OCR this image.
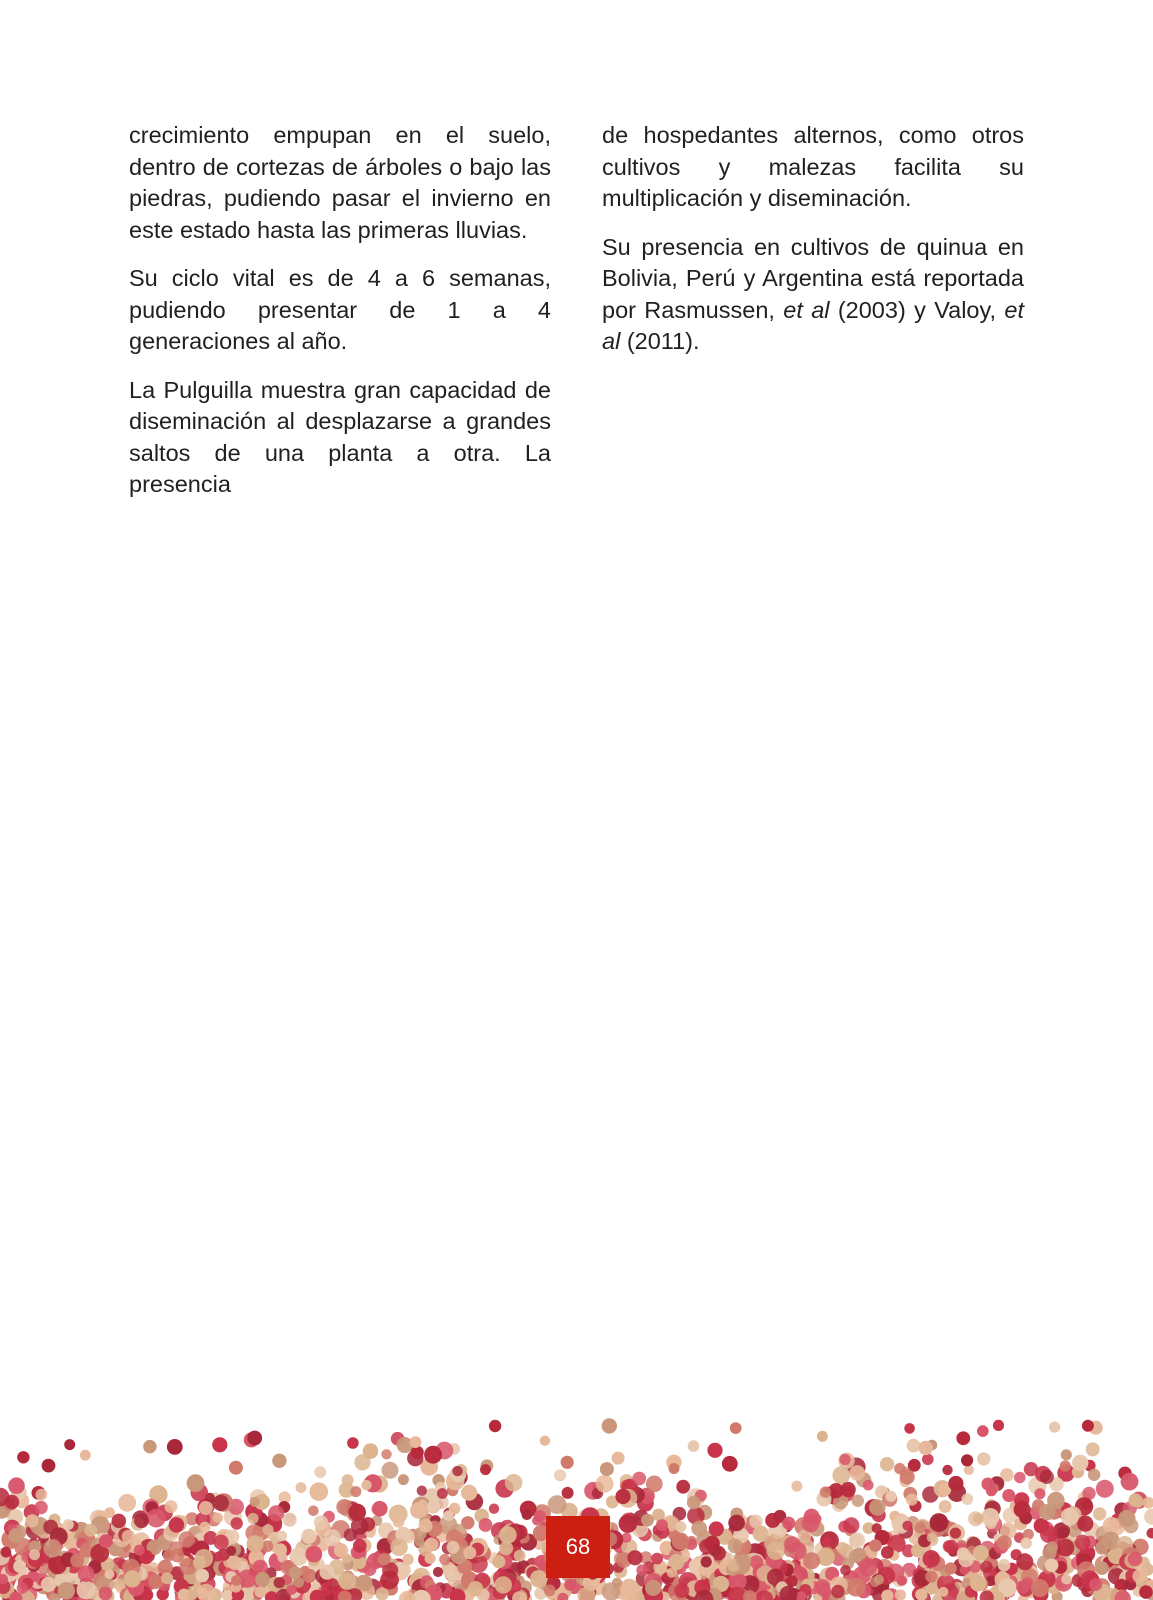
crecimiento empupan en el suelo, dentro de cortezas de árboles o bajo las piedras, pudiendo pasar el invierno en este estado hasta las primeras lluvias.

Su ciclo vital es de 4 a 6 semanas, pudiendo presentar de 1 a 4 generaciones al año.

La Pulguilla muestra gran capacidad de diseminación al desplazarse a grandes saltos de una planta a otra. La presencia

de hospedantes alternos, como otros cultivos y malezas facilita su multiplicación y diseminación.

Su presencia en cultivos de quinua en Bolivia, Perú y Argentina está reportada por Rasmussen, et al (2003) y Valoy, et al (2011).

68
